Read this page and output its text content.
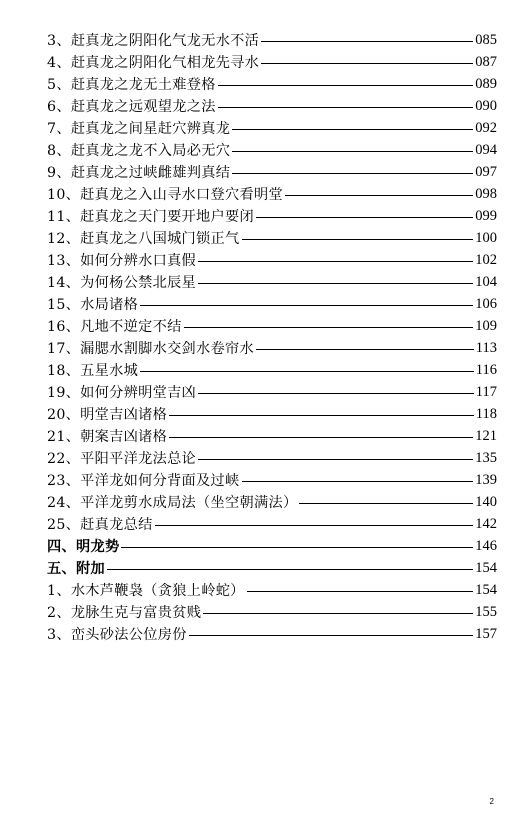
3、赶真龙之阴阳化气龙无水不活	085
4、赶真龙之阴阳化气相龙先寻水	087
5、赶真龙之龙无土难登格	089
6、赶真龙之远观望龙之法	090
7、赶真龙之间星赶穴辨真龙	092
8、赶真龙之龙不入局必无穴	094
9、赶真龙之过峡雌雄判真结	097
10、赶真龙之入山寻水口登穴看明堂	098
11、赶真龙之天门要开地户要闭	099
12、赶真龙之八国城门锁正气	100
13、如何分辨水口真假	102
14、为何杨公禁北辰星	104
15、水局诸格	106
16、凡地不逆定不结	109
17、漏腮水割脚水交剑水卷帘水	113
18、五星水城	116
19、如何分辨明堂吉凶	117
20、明堂吉凶诸格	118
21、朝案吉凶诸格	121
22、平阳平洋龙法总论	135
23、平洋龙如何分背面及过峡	139
24、平洋龙剪水成局法（坐空朝满法）	140
25、赶真龙总结	142
四、明龙势	146
五、附加	154
1、水木芦鞭袅（贪狼上岭蛇）	154
2、龙脉生克与富贵贫贱	155
3、峦头砂法公位房份	157
2
